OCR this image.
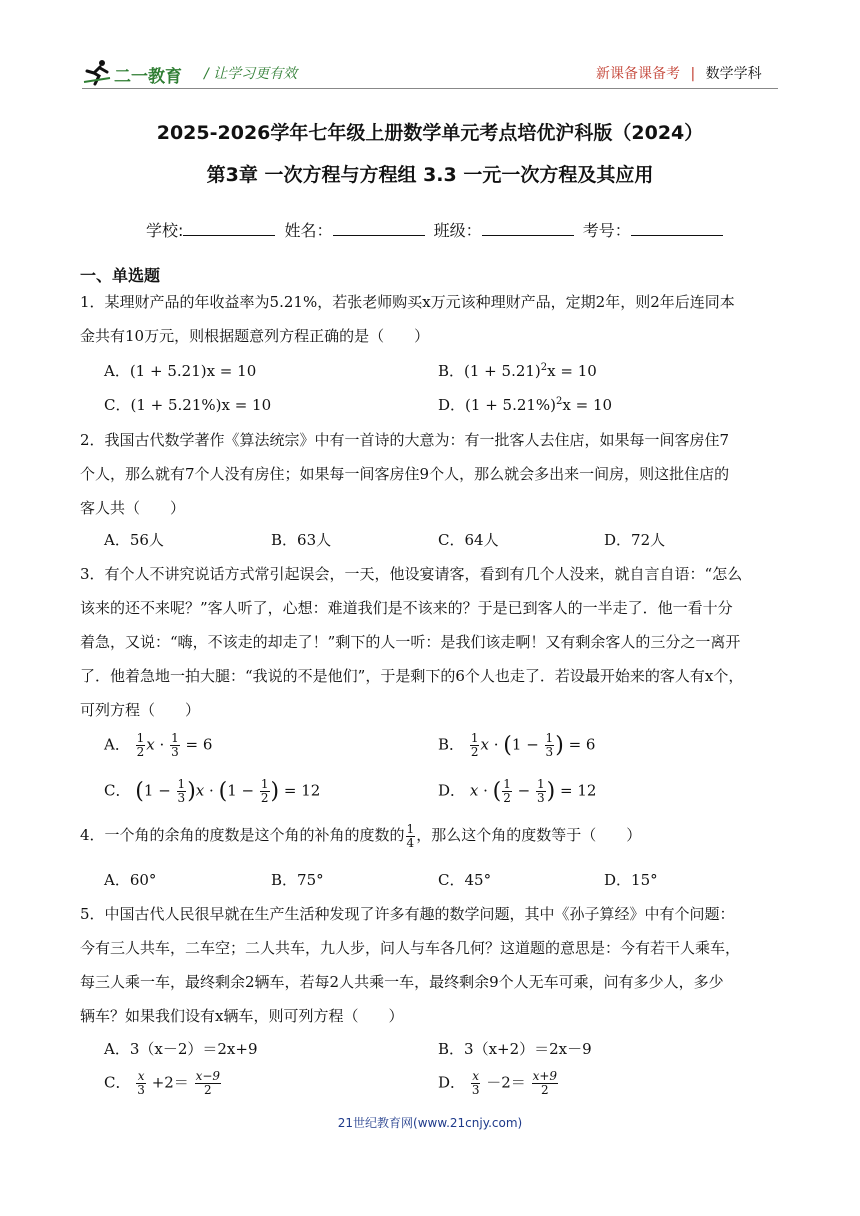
二一教育 / 让学习更有效	新课备课备考 | 数学学科
2025-2026学年七年级上册数学单元考点培优沪科版（2024）
第3章 一次方程与方程组 3.3 一元一次方程及其应用
学校:	姓名：	班级：	考号：
一、单选题
1．某理财产品的年收益率为5.21%，若张老师购买x万元该种理财产品，定期2年，则2年后连同本
金共有10万元，则根据题意列方程正确的是（　　）
A．(1 + 5.21)x = 10	B．$(1 + 5.21)^2x = 10$
C．(1 + 5.21%)x = 10	D．$(1 + 5.21\%)^2x = 10$
2．我国古代数学著作《算法统宗》中有一首诗的大意为：有一批客人去住店，如果每一间客房住7
个人，那么就有7个人没有房住；如果每一间客房住9个人，那么就会多出来一间房，则这批住店的
客人共（　　）
A．56人	B．63人	C．64人	D．72人
3．有个人不讲究说话方式常引起误会，一天，他设宴请客，看到有几个人没来，就自言自语：“怎么
该来的还不来呢？”客人听了，心想：难道我们是不该来的？于是已到客人的一半走了．他一看十分
着急，又说：“嗨，不该走的却走了！”剩下的人一听：是我们该走啊！又有剩余客人的三分之一离开
了．他着急地一拍大腿：“我说的不是他们”，于是剩下的6个人也走了．若设最开始来的客人有x个，
可列方程（　　）
A． $\frac{1}{2}$ $x \cdot \frac{1}{3} = 6$	B． $\frac{1}{2}$ $x \cdot (1 - \frac{1}{3}$ ) = 6
C． $(1 - \frac{1}{3} )x \cdot (1 - \frac{1}{2}$ ) = 12	D． x · ( $\frac{1}{2} - \frac{1}{3}$ ) = 12
4．一个角的余角的度数是这个角的补角的度数的 $\frac{1}{4}$ ，那么这个角的度数等于（　　）
A．60°	B．75°	C．45°	D．15°
5．中国古代人民很早就在生产生活种发现了许多有趣的数学问题，其中《孙子算经》中有个问题：
今有三人共车，二车空；二人共车，九人步，问人与车各几何？这道题的意思是：今有若干人乘车，
每三人乘一车，最终剩余2辆车，若每2人共乘一车，最终剩余9个人无车可乘，问有多少人，多少
辆车？如果我们设有x辆车，则可列方程（　　）
A．3（x－2）＝2x+9	B．3（x+2）＝2x－9
C． $\frac{x}{3} +2= \frac{x-9}{2}$	D． $\frac{x}{3} -2= \frac{x+9}{2}$
21世纪教育网(www.21cnjy.com)
